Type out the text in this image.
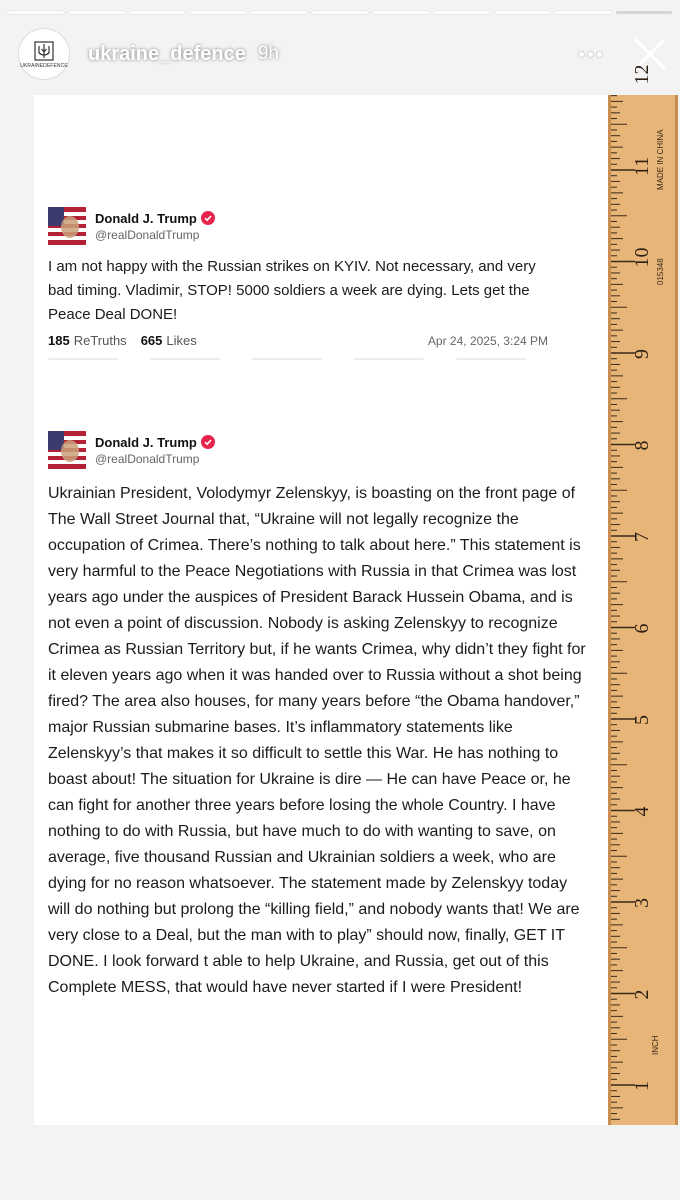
UKRAINEDEFENCE
ukraine_defence 9h
Donald J. Trump
@realDonaldTrump
I am not happy with the Russian strikes on KYIV. Not necessary, and very bad timing. Vladimir, STOP! 5000 soldiers a week are dying. Lets get the Peace Deal DONE!
185 ReTruths 665 Likes	Apr 24, 2025, 3:24 PM
Donald J. Trump
@realDonaldTrump
Ukrainian President, Volodymyr Zelenskyy, is boasting on the front page of The Wall Street Journal that, “Ukraine will not legally recognize the occupation of Crimea. There’s nothing to talk about here.” This statement is very harmful to the Peace Negotiations with Russia in that Crimea was lost years ago under the auspices of President Barack Hussein Obama, and is not even a point of discussion. Nobody is asking Zelenskyy to recognize Crimea as Russian Territory but, if he wants Crimea, why didn’t they fight for it eleven years ago when it was handed over to Russia without a shot being fired? The area also houses, for many years before “the Obama handover,” major Russian submarine bases. It’s inflammatory statements like Zelenskyy’s that makes it so difficult to settle this War. He has nothing to boast about! The situation for Ukraine is dire — He can have Peace or, he can fight for another three years before losing the whole Country. I have nothing to do with Russia, but have much to do with wanting to save, on average, five thousand Russian and Ukrainian soldiers a week, who are dying for no reason whatsoever. The statement made by Zelenskyy today will do nothing but prolong the “killing field,” and nobody wants that! We are very close to a Deal, but the man with to play” should now, finally, GET IT DONE. I look forward t able to help Ukraine, and Russia, get out of this Complete MESS, that would have never started if I were President!
1
2
3
4
5
6
7
8
9
10
11
12
MADE IN CHINA
015348
INCH
